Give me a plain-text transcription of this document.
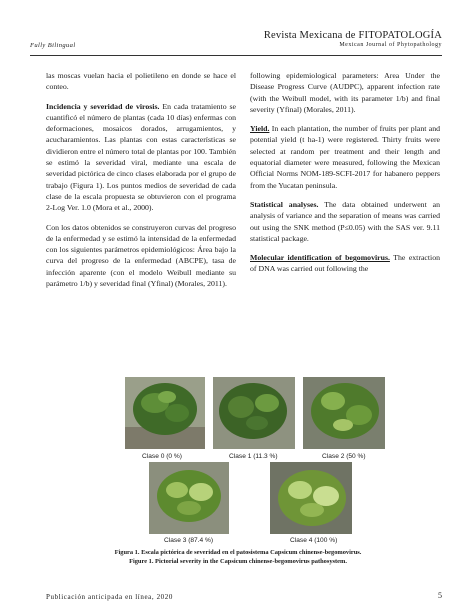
Fully Bilingual
Revista Mexicana de FITOPATOLOGÍA
Mexican Journal of Phytopathology

las moscas vuelan hacia el polietileno en donde se hace el conteo.

Incidencia y severidad de virosis. En cada tratamiento se cuantificó el número de plantas (cada 10 días) enfermas con deformaciones, mosaicos dorados, arrugamientos, y acucharamientos. Las plantas con estas características se dividieron entre el número total de plantas por 100. También se estimó la severidad viral, mediante una escala de severidad pictórica de cinco clases elaborada por el grupo de trabajo (Figura 1). Los puntos medios de severidad de cada clase de la escala propuesta se obtuvieron con el programa 2-Log Ver. 1.0 (Mora et al., 2000).

Con los datos obtenidos se construyeron curvas del progreso de la enfermedad y se estimó la intensidad de la enfermedad con los siguientes parámetros epidemiológicos: Área bajo la curva del progreso de la enfermedad (ABCPE), tasa de infección aparente (con el modelo Weibull mediante su parámetro 1/b) y severidad final (Yfinal) (Morales, 2011).

following epidemiological parameters: Area Under the Disease Progress Curve (AUDPC), apparent infection rate (with the Weibull model, with its parameter 1/b) and final severity (Yfinal) (Morales, 2011).

Yield. In each plantation, the number of fruits per plant and potential yield (t ha-1) were registered. Thirty fruits were selected at random per treatment and their length and equatorial diameter were measured, following the Mexican Official Norms NOM-189-SCFI-2017 for habanero peppers from the Yucatan peninsula.

Statistical analyses. The data obtained underwent an analysis of variance and the separation of means was carried out using the SNK method (P≤0.05) with the SAS ver. 9.11 statistical package.

Molecular identification of begomovirus. The extraction of DNA was carried out following the

Clase 0 (0 %)	Clase 1 (11.3 %)	Clase 2 (50 %)
Clase 3 (87.4 %)	Clase 4 (100 %)
Figura 1. Escala pictórica de severidad en el patosistema Capsicum chinense-begomovirus.
Figure 1. Pictorial severity in the Capsicum chinense-begomovirus pathosystem.
Publicación anticipada en línea, 2020	5
